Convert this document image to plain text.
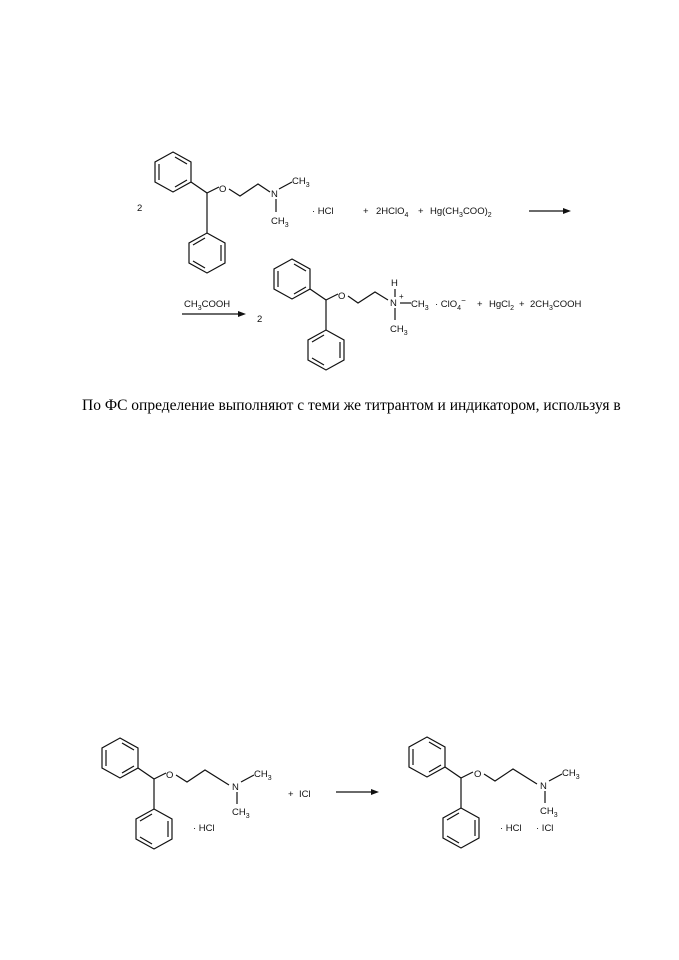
O	N
$CH_3$
$CH_3$
2	· HCl	+ 2HClO$_4$ + $Hg(CH_3COO)_2$
$CH_3COOH$
2
O
H
N
+
$CH_3$
$CH_3$
· ClO$_4$− + HgCl$_2$ + $2CH_3COOH$
O
N
$CH_3$
$CH_3$
· HCl
+ ICl
O
N
$CH_3$
$CH_3$
· HCl · ICl
По ФС определение выполняют с теми же титрантом и индикатором, используя в
